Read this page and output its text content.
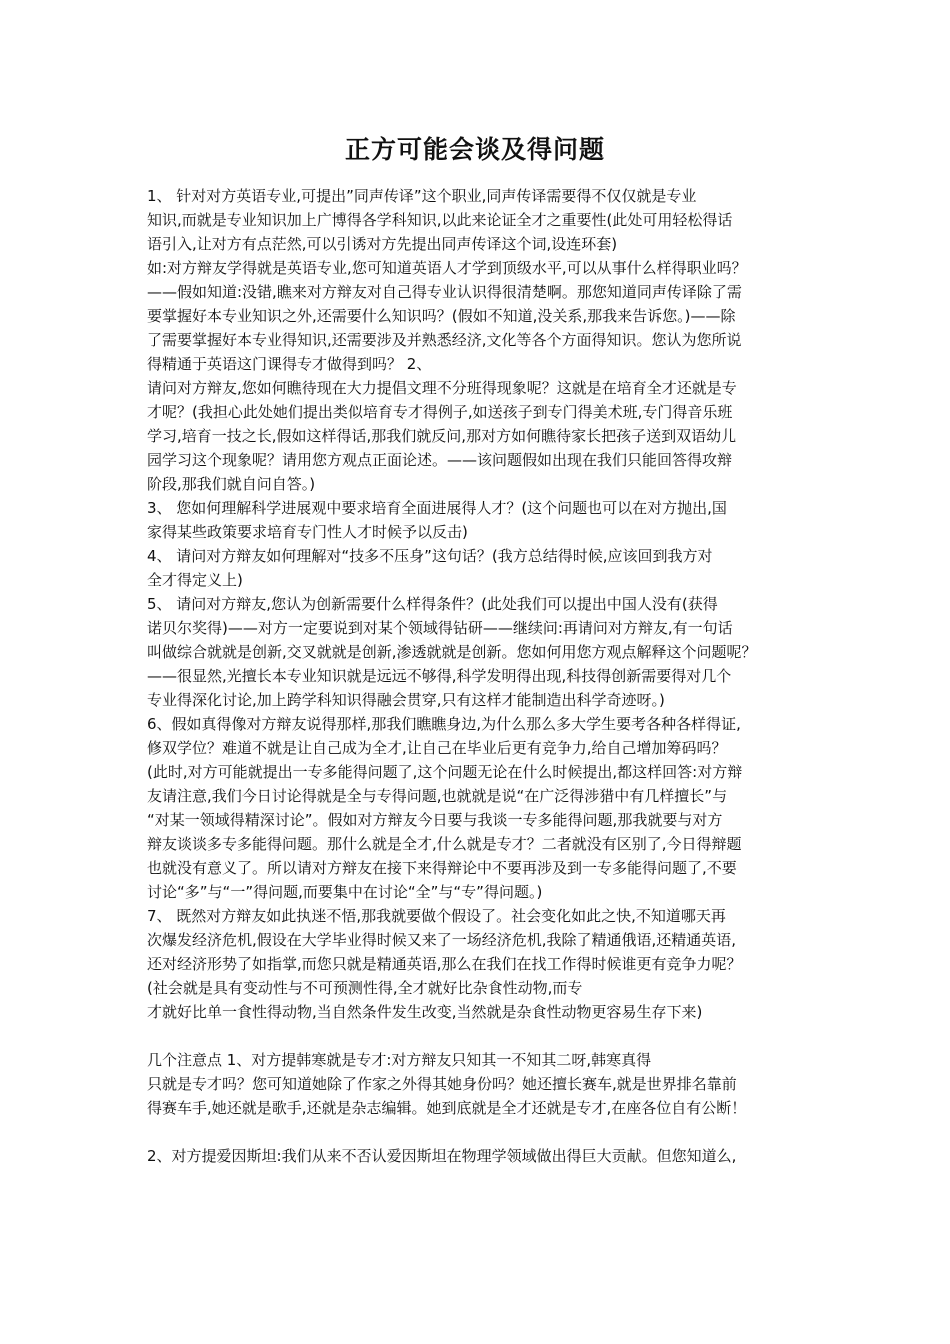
正方可能会谈及得问题
1、 针对对方英语专业,可提出”同声传译”这个职业,同声传译需要得不仅仅就是专业
知识,而就是专业知识加上广博得各学科知识,以此来论证全才之重要性(此处可用轻松得话
语引入,让对方有点茫然,可以引诱对方先提出同声传译这个词,设连环套)
如:对方辩友学得就是英语专业,您可知道英语人才学到顶级水平,可以从事什么样得职业吗？
——假如知道:没错,瞧来对方辩友对自己得专业认识得很清楚啊。那您知道同声传译除了需
要掌握好本专业知识之外,还需要什么知识吗？(假如不知道,没关系,那我来告诉您。)——除
了需要掌握好本专业得知识,还需要涉及并熟悉经济,文化等各个方面得知识。您认为您所说
得精通于英语这门课得专才做得到吗？ 2、
请问对方辩友,您如何瞧待现在大力提倡文理不分班得现象呢？这就是在培育全才还就是专
才呢？(我担心此处她们提出类似培育专才得例子,如送孩子到专门得美术班,专门得音乐班
学习,培育一技之长,假如这样得话,那我们就反问,那对方如何瞧待家长把孩子送到双语幼儿
园学习这个现象呢？请用您方观点正面论述。——该问题假如出现在我们只能回答得攻辩
阶段,那我们就自问自答。)
3、 您如何理解科学进展观中要求培育全面进展得人才？(这个问题也可以在对方抛出,国
家得某些政策要求培育专门性人才时候予以反击)
4、 请问对方辩友如何理解对“技多不压身”这句话？(我方总结得时候,应该回到我方对
全才得定义上)
5、 请问对方辩友,您认为创新需要什么样得条件？(此处我们可以提出中国人没有(获得
诺贝尔奖得)——对方一定要说到对某个领域得钻研——继续问:再请问对方辩友,有一句话
叫做综合就就是创新,交叉就就是创新,渗透就就是创新。您如何用您方观点解释这个问题呢？
——很显然,光擅长本专业知识就是远远不够得,科学发明得出现,科技得创新需要得对几个
专业得深化讨论,加上跨学科知识得融会贯穿,只有这样才能制造出科学奇迹呀。)
6、假如真得像对方辩友说得那样,那我们瞧瞧身边,为什么那么多大学生要考各种各样得证,
修双学位？难道不就是让自己成为全才,让自己在毕业后更有竞争力,给自己增加筹码吗？
(此时,对方可能就提出一专多能得问题了,这个问题无论在什么时候提出,都这样回答:对方辩
友请注意,我们今日讨论得就是全与专得问题,也就就是说“在广泛得涉猎中有几样擅长”与
“对某一领域得精深讨论”。假如对方辩友今日要与我谈一专多能得问题,那我就要与对方
辩友谈谈多专多能得问题。那什么就是全才,什么就是专才？二者就没有区别了,今日得辩题
也就没有意义了。所以请对方辩友在接下来得辩论中不要再涉及到一专多能得问题了,不要
讨论“多”与“一”得问题,而要集中在讨论“全”与“专”得问题。)
7、 既然对方辩友如此执迷不悟,那我就要做个假设了。社会变化如此之快,不知道哪天再
次爆发经济危机,假设在大学毕业得时候又来了一场经济危机,我除了精通俄语,还精通英语,
还对经济形势了如指掌,而您只就是精通英语,那么在我们在找工作得时候谁更有竞争力呢？
(社会就是具有变动性与不可预测性得,全才就好比杂食性动物,而专
才就好比单一食性得动物,当自然条件发生改变,当然就是杂食性动物更容易生存下来)
几个注意点 1、对方提韩寒就是专才:对方辩友只知其一不知其二呀,韩寒真得
只就是专才吗？您可知道她除了作家之外得其她身份吗？她还擅长赛车,就是世界排名靠前
得赛车手,她还就是歌手,还就是杂志编辑。她到底就是全才还就是专才,在座各位自有公断！
2、对方提爱因斯坦:我们从来不否认爱因斯坦在物理学领域做出得巨大贡献。但您知道么,
